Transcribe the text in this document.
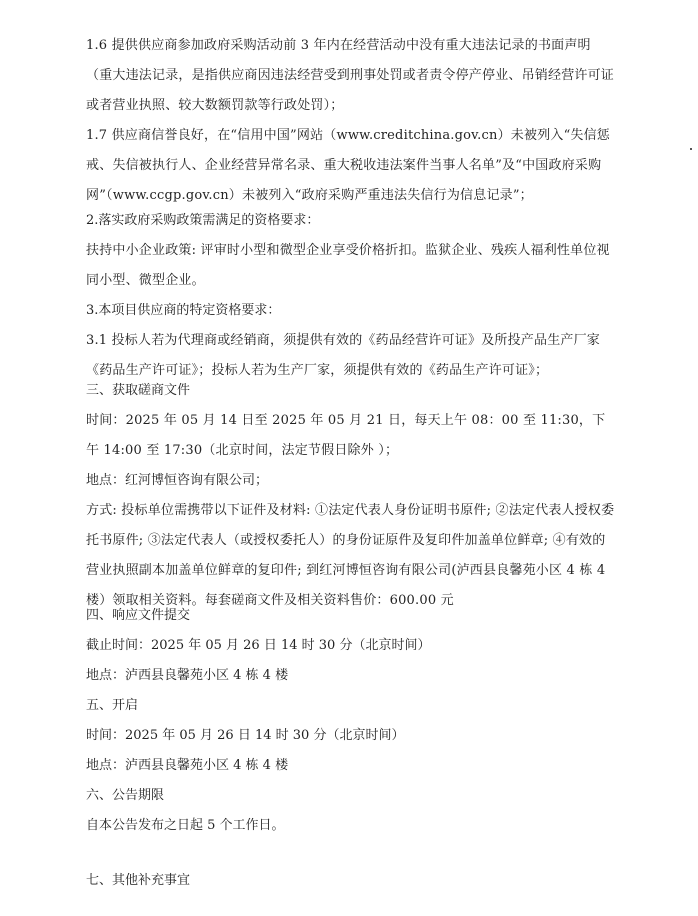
1.6 提供供应商参加政府采购活动前 3 年内在经营活动中没有重大违法记录的书面声明（重大违法记录，是指供应商因违法经营受到刑事处罚或者责令停产停业、吊销经营许可证或者营业执照、较大数额罚款等行政处罚）；
1.7 供应商信誉良好，在“信用中国”网站（www.creditchina.gov.cn）未被列入“失信惩戒、失信被执行人、企业经营异常名录、重大税收违法案件当事人名单”及“中国政府采购网”（www.ccgp.gov.cn）未被列入“政府采购严重违法失信行为信息记录”；
2.落实政府采购政策需满足的资格要求：
扶持中小企业政策: 评审时小型和微型企业享受价格折扣。监狱企业、残疾人福利性单位视同小型、微型企业。
3.本项目供应商的特定资格要求：
3.1 投标人若为代理商或经销商，须提供有效的《药品经营许可证》及所投产品生产厂家《药品生产许可证》；投标人若为生产厂家，须提供有效的《药品生产许可证》；
三、获取磋商文件
时间：2025 年 05 月 14 日至 2025 年 05 月 21 日，每天上午 08：00 至 11:30，下午 14:00 至 17:30（北京时间，法定节假日除外 ）；
地点：红河博恒咨询有限公司；
方式: 投标单位需携带以下证件及材料: ①法定代表人身份证明书原件; ②法定代表人授权委托书原件; ③法定代表人（或授权委托人）的身份证原件及复印件加盖单位鲜章; ④有效的营业执照副本加盖单位鲜章的复印件; 到红河博恒咨询有限公司(泸西县良馨苑小区 4 栋 4 楼）领取相关资料。每套磋商文件及相关资料售价：600.00 元
四、响应文件提交
截止时间：2025 年 05 月 26 日 14 时 30 分（北京时间）
地点：泸西县良馨苑小区 4 栋 4 楼
五、开启
时间：2025 年 05 月 26 日 14 时 30 分（北京时间）
地点：泸西县良馨苑小区 4 栋 4 楼
六、公告期限
自本公告发布之日起 5 个工作日。
七、其他补充事宜
